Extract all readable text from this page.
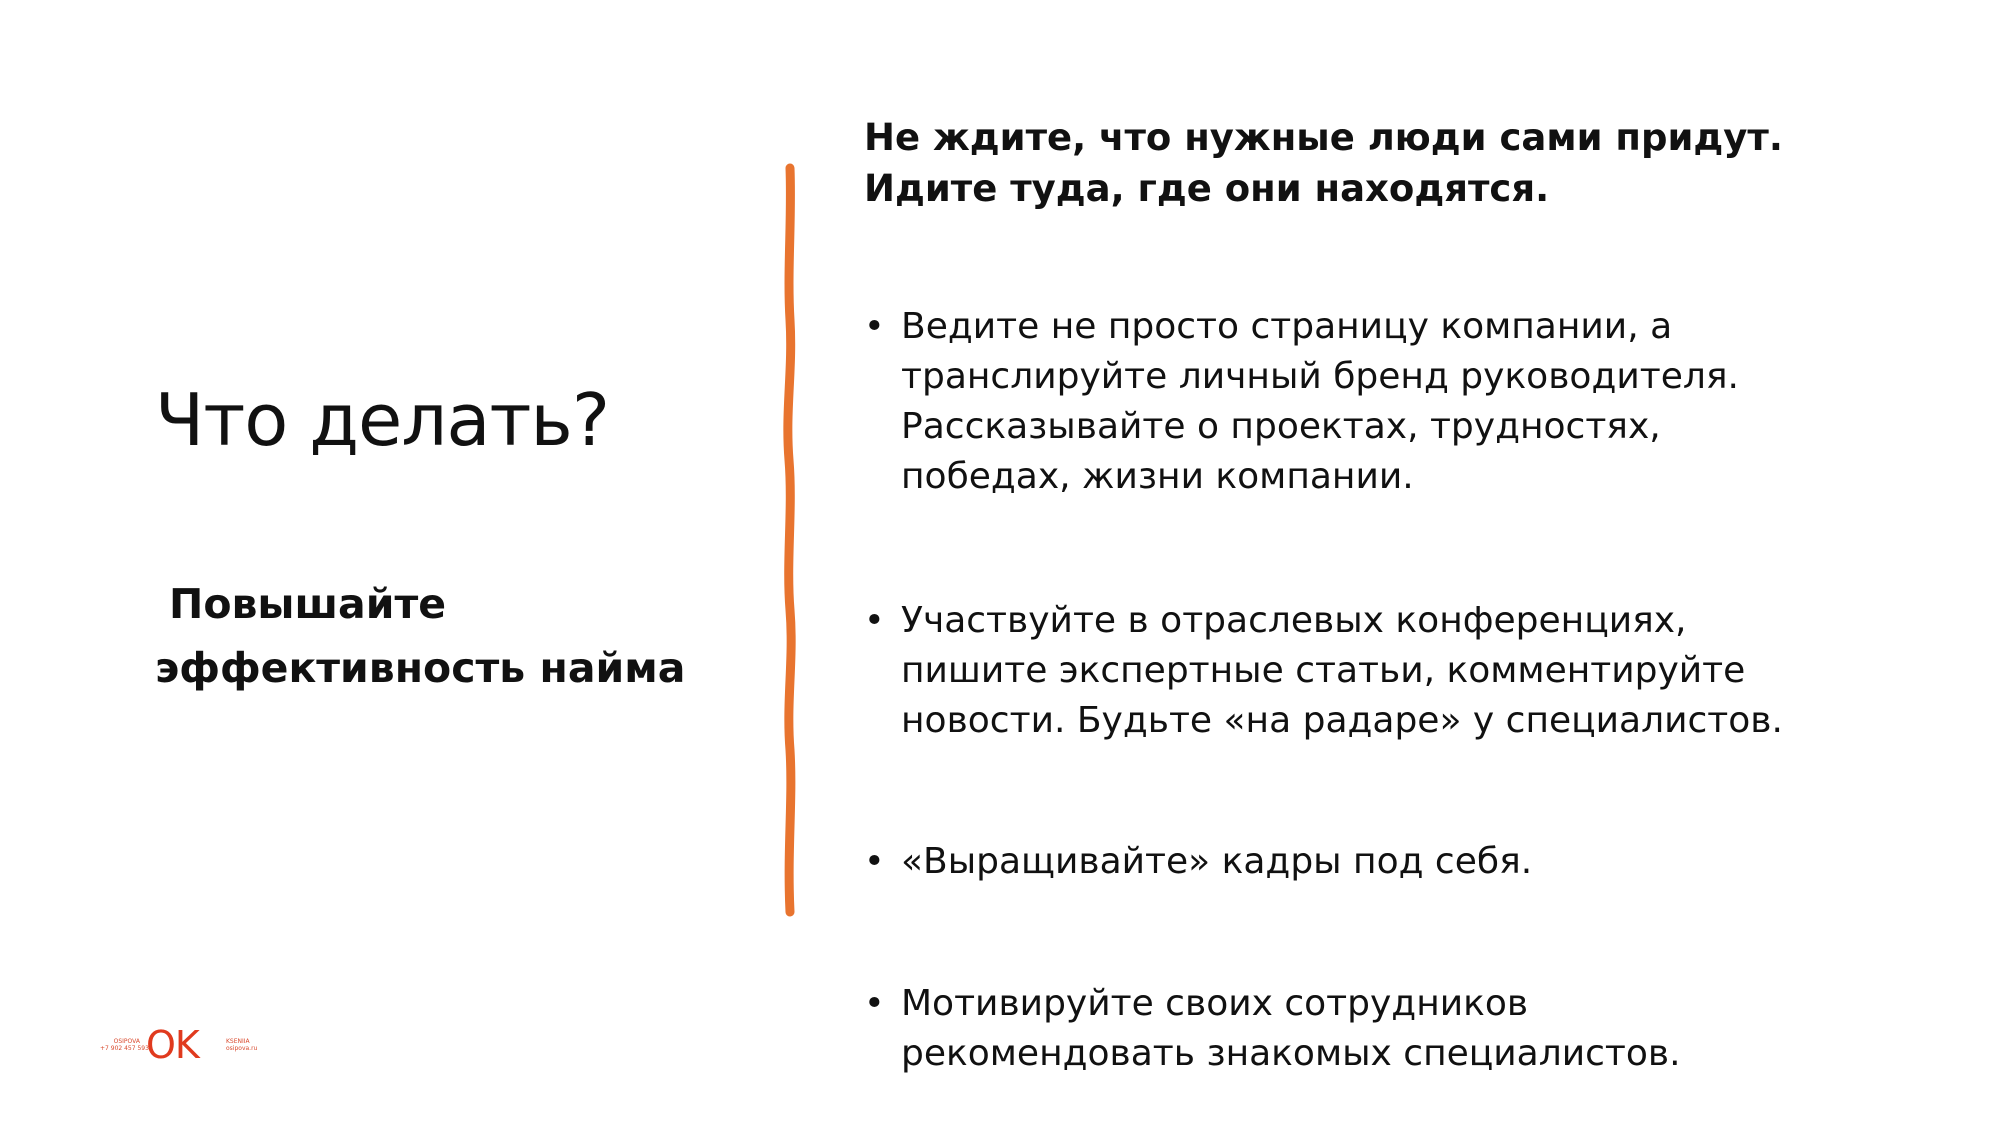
Что делать?
Повышайте
эффективность найма
Не ждите, что нужные люди сами придут.
Идите туда, где они находятся.
• Ведите не просто страницу компании, а
транслируйте личный бренд руководителя.
Рассказывайте о проектах, трудностях,
победах, жизни компании.
• Участвуйте в отраслевых конференциях,
пишите экспертные статьи, комментируйте
новости. Будьте «на радаре» у специалистов.
• «Выращивайте» кадры под себя.
• Мотивируйте своих сотрудников
рекомендовать знакомых специалистов.
OSIPOVA
+7 902 457 5930
OK	KSENIIA
osipova.ru
